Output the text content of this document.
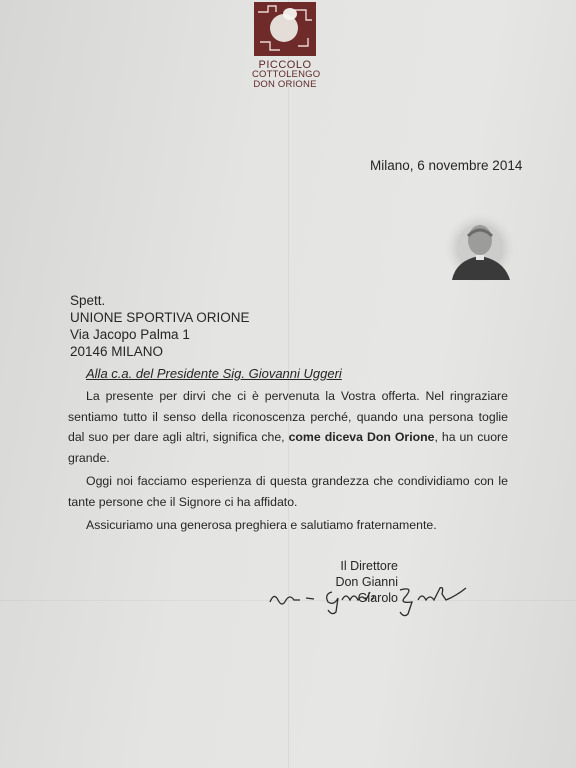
PICCOLO
COTTOLENGO
DON ORIONE
Milano, 6 novembre 2014
Spett.
UNIONE SPORTIVA ORIONE
Via Jacopo Palma 1
20146 MILANO
Alla c.a. del Presidente Sig. Giovanni Uggeri

La presente per dirvi che ci è pervenuta la Vostra offerta. Nel ringraziare sentiamo tutto il senso della riconoscenza perché, quando una persona toglie dal suo per dare agli altri, significa che, come diceva Don Orione, ha un cuore grande.

Oggi noi facciamo esperienza di questa grandezza che condividiamo con le tante persone che il Signore ci ha affidato.

Assicuriamo una generosa preghiera e salutiamo fraternamente.

Il Direttore
Don Gianni Giarolo
